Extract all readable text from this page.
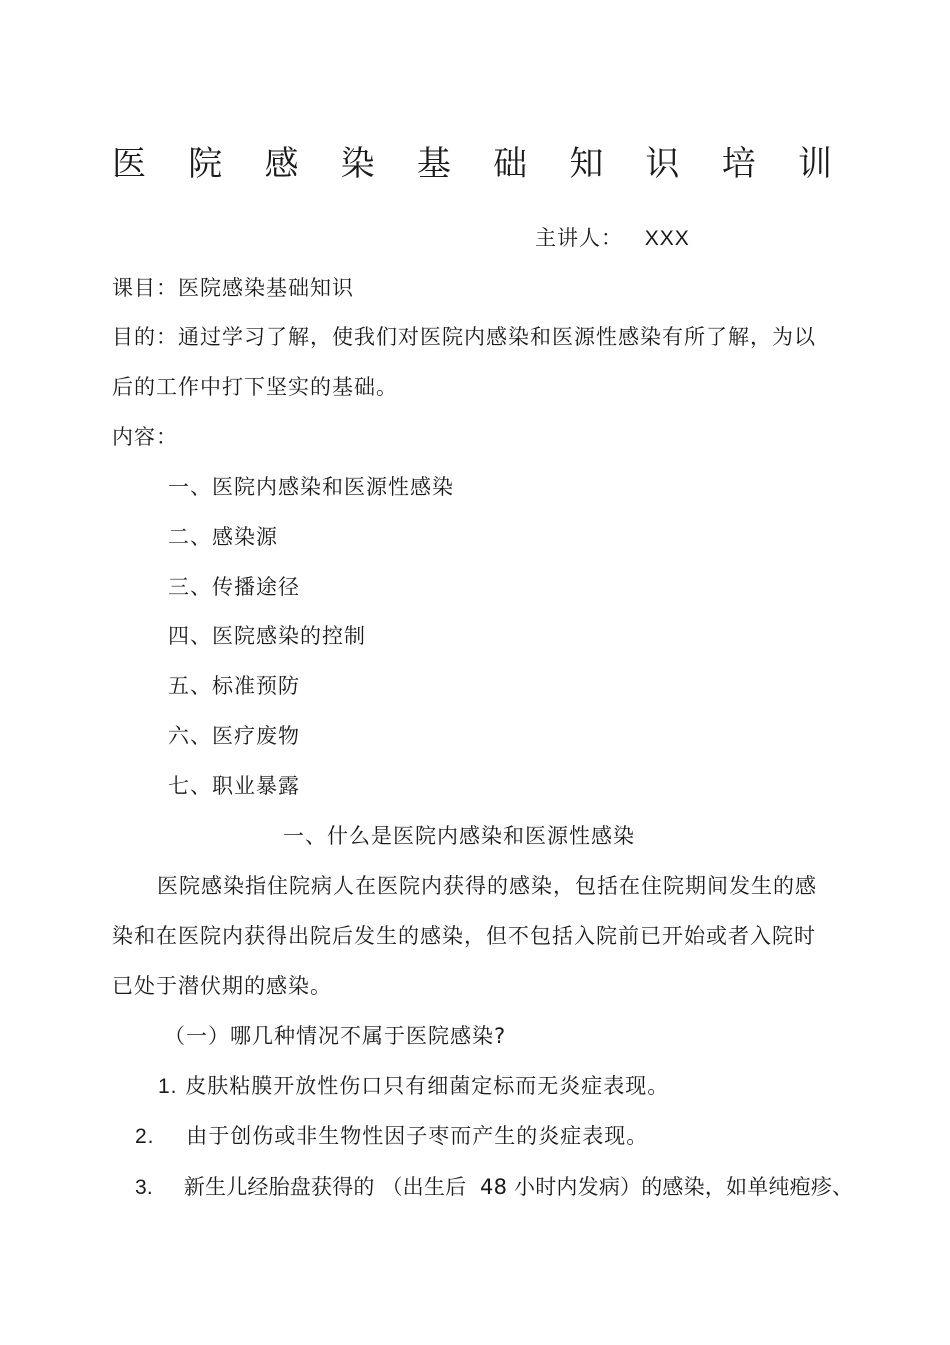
医 院 感 染 基 础 知 识 培 训
主讲人： XXX
课目：医院感染基础知识
目的：通过学习了解，使我们对医院内感染和医源性感染有所了解，为以
后的工作中打下坚实的基础。
内容：
一、医院内感染和医源性感染
二、感染源
三、传播途径
四、医院感染的控制
五、标准预防
六、医疗废物
七、职业暴露
一、什么是医院内感染和医源性感染
医院感染指住院病人在医院内获得的感染，包括在住院期间发生的感
染和在医院内获得出院后发生的感染，但不包括入院前已开始或者入院时
已处于潜伏期的感染。
（一）哪几种情况不属于医院感染?
1. 皮肤粘膜开放性伤口只有细菌定标而无炎症表现。
2. 由于创伤或非生物性因子枣而产生的炎症表现。
3. 新生儿经胎盘获得的 （出生后  48 小时内发病）的感染，如单纯疱疹、
